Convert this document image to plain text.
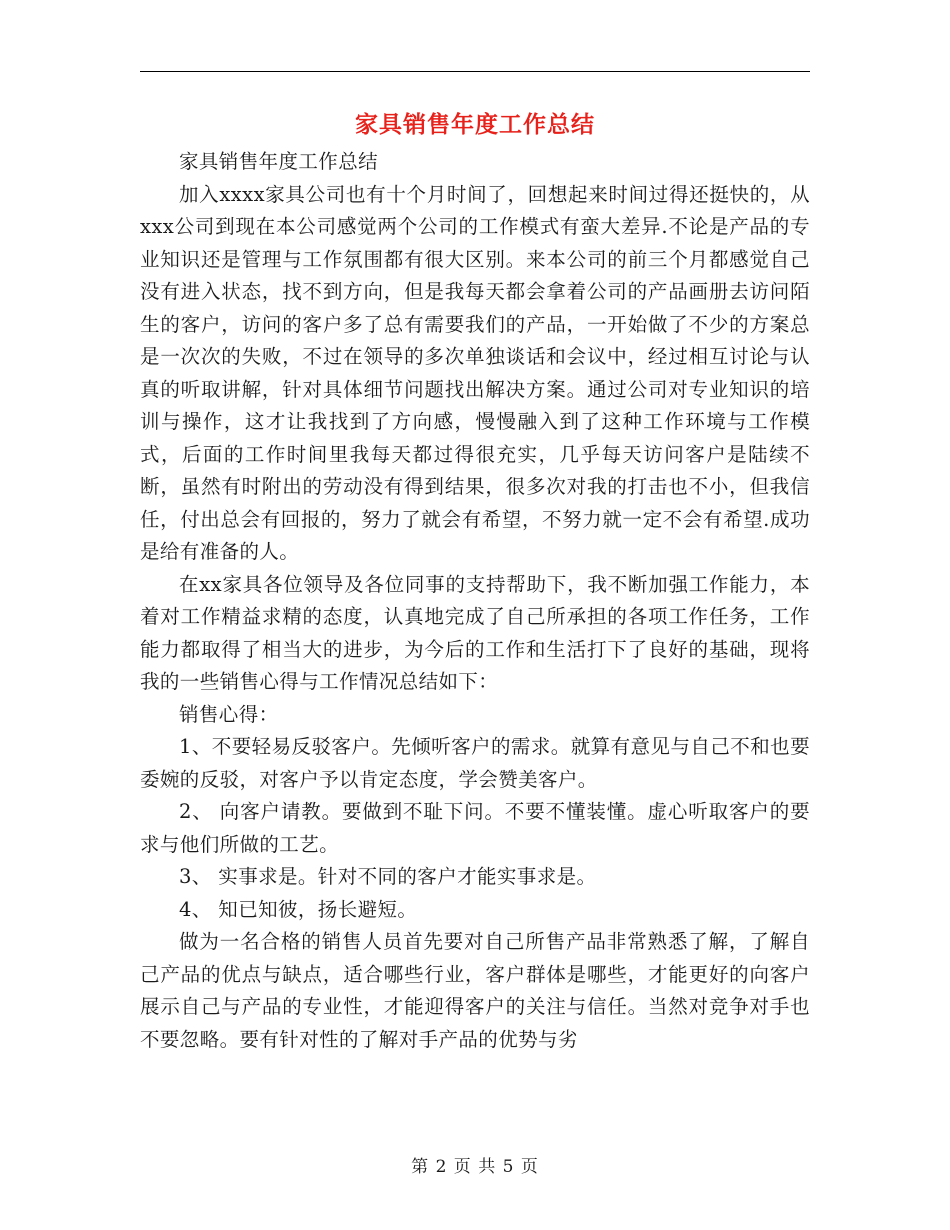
家具销售年度工作总结

家具销售年度工作总结

加入xxxx家具公司也有十个月时间了，回想起来时间过得还挺快的，从xxx公司到现在本公司感觉两个公司的工作模式有蛮大差异.不论是产品的专业知识还是管理与工作氛围都有很大区别。来本公司的前三个月都感觉自己没有进入状态，找不到方向，但是我每天都会拿着公司的产品画册去访问陌生的客户，访问的客户多了总有需要我们的产品，一开始做了不少的方案总是一次次的失败，不过在领导的多次单独谈话和会议中，经过相互讨论与认真的听取讲解，针对具体细节问题找出解决方案。通过公司对专业知识的培训与操作，这才让我找到了方向感，慢慢融入到了这种工作环境与工作模式，后面的工作时间里我每天都过得很充实，几乎每天访问客户是陆续不断，虽然有时附出的劳动没有得到结果，很多次对我的打击也不小，但我信任，付出总会有回报的，努力了就会有希望，不努力就一定不会有希望.成功是给有准备的人。

在xx家具各位领导及各位同事的支持帮助下，我不断加强工作能力，本着对工作精益求精的态度，认真地完成了自己所承担的各项工作任务，工作能力都取得了相当大的进步，为今后的工作和生活打下了良好的基础，现将我的一些销售心得与工作情况总结如下：

销售心得：

1、不要轻易反驳客户。先倾听客户的需求。就算有意见与自己不和也要委婉的反驳，对客户予以肯定态度，学会赞美客户。

2、 向客户请教。要做到不耻下问。不要不懂装懂。虚心听取客户的要求与他们所做的工艺。

3、 实事求是。针对不同的客户才能实事求是。

4、 知已知彼，扬长避短。

做为一名合格的销售人员首先要对自己所售产品非常熟悉了解，了解自己产品的优点与缺点，适合哪些行业，客户群体是哪些，才能更好的向客户展示自己与产品的专业性，才能迎得客户的关注与信任。当然对竞争对手也不要忽略。要有针对性的了解对手产品的优势与劣

第 2 页 共 5 页
